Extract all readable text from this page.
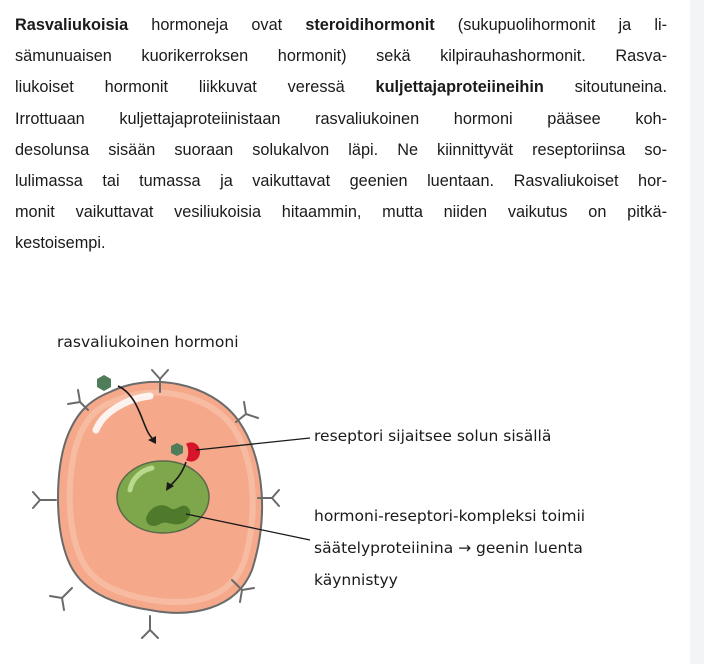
Rasvaliukoisia hormoneja ovat steroidihormonit (sukupuolihormonit ja li-
sämunuaisen kuorikerroksen hormonit) sekä kilpirauhashormonit. Rasva-
liukoiset hormonit liikkuvat veressä kuljettajaproteiineihin sitoutuneina.
Irrottuaan kuljettajaproteiinistaan rasvaliukoinen hormoni pääsee koh-
desolunsa sisään suoraan solukalvon läpi. Ne kiinnittyvät reseptoriinsa so-
lulimassa tai tumassa ja vaikuttavat geenien luentaan. Rasvaliukoiset hor-
monit vaikuttavat vesiliukoisia hitaammin, mutta niiden vaikutus on pitkä-
kestoisempi.
rasvaliukoinen hormoni
reseptori sijaitsee solun sisällä
hormoni-reseptori-kompleksi toimii
säätelyproteiinina → geenin luenta
käynnistyy
